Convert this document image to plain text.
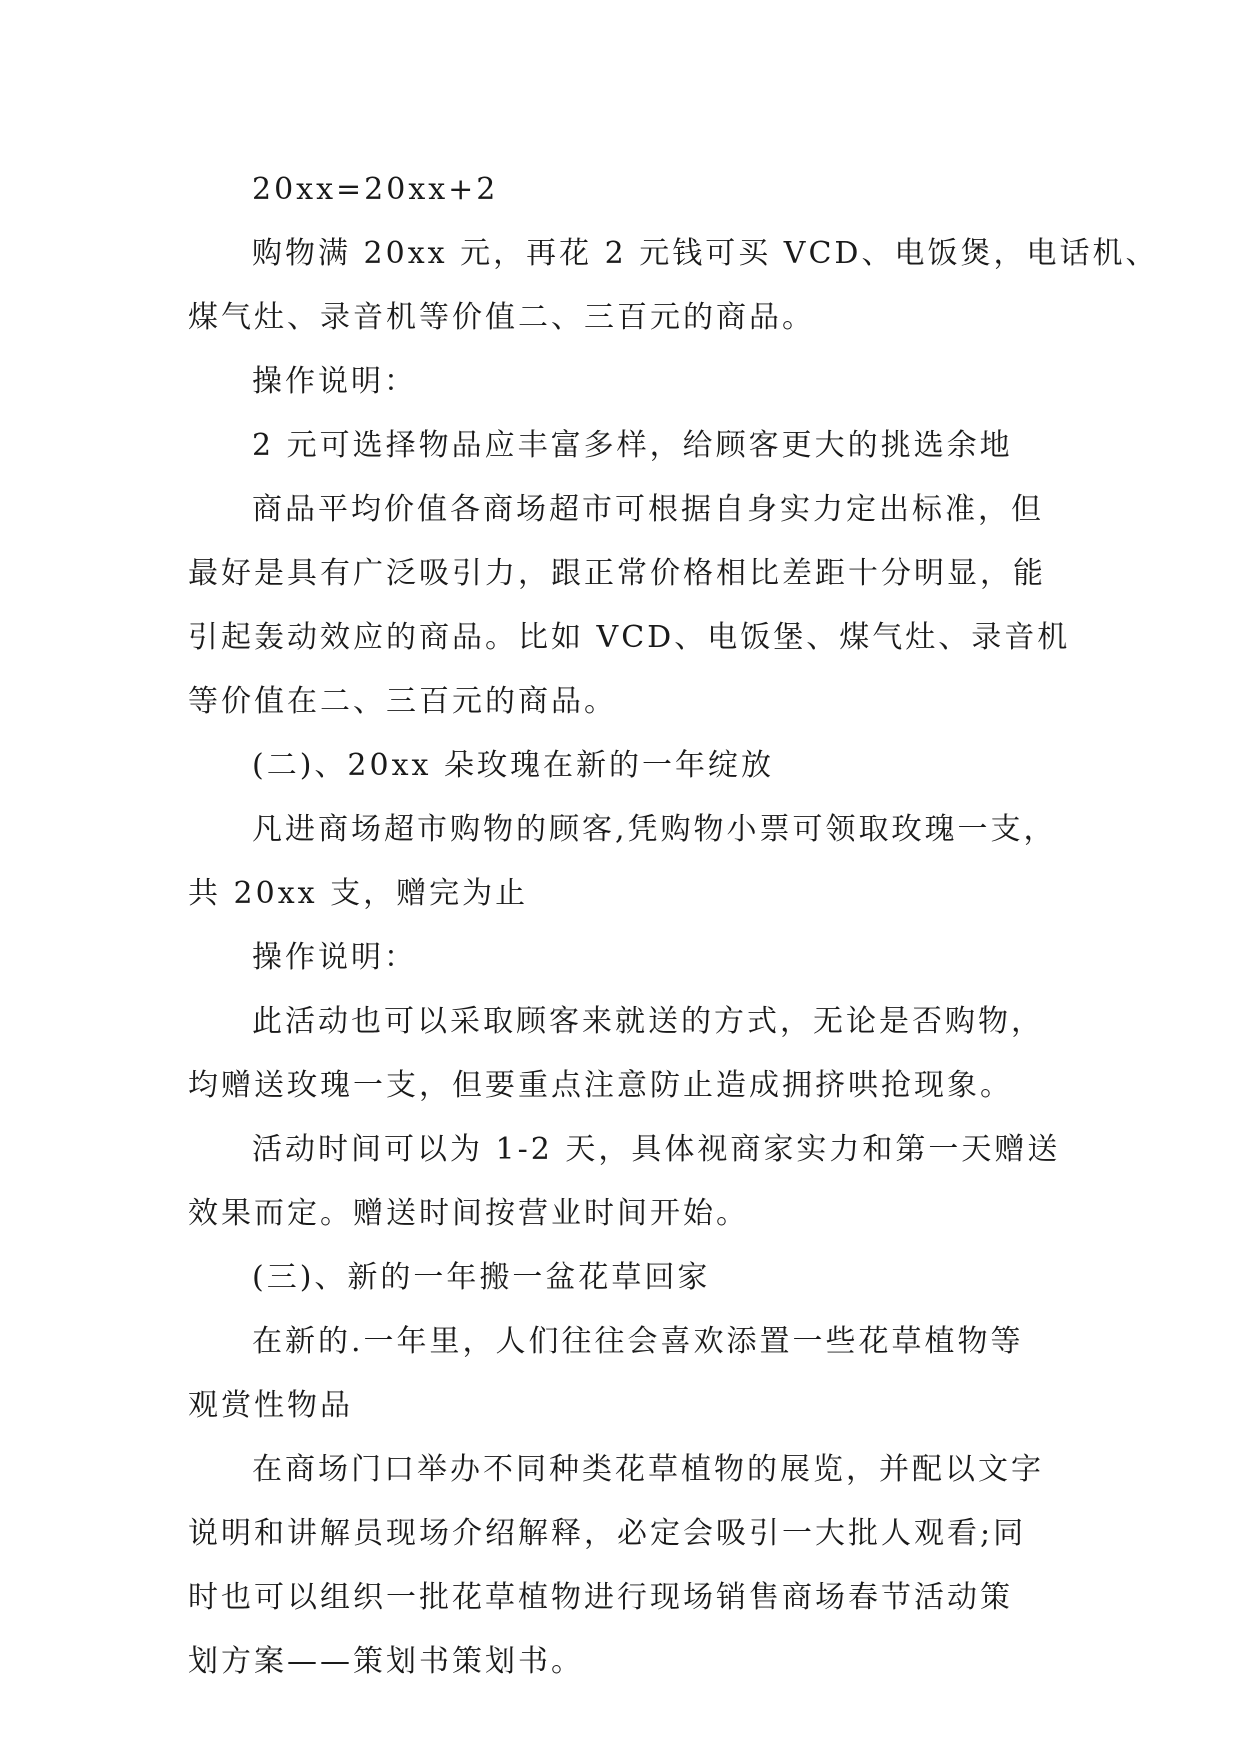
20xx=20xx+2
购物满 20xx 元，再花 2 元钱可买 VCD、电饭煲，电话机、
煤气灶、录音机等价值二、三百元的商品。
操作说明：
2 元可选择物品应丰富多样，给顾客更大的挑选余地
商品平均价值各商场超市可根据自身实力定出标准，但
最好是具有广泛吸引力，跟正常价格相比差距十分明显，能
引起轰动效应的商品。比如 VCD、电饭堡、煤气灶、录音机
等价值在二、三百元的商品。
(二)、20xx 朵玫瑰在新的一年绽放
凡进商场超市购物的顾客,凭购物小票可领取玫瑰一支，
共 20xx 支，赠完为止
操作说明：
此活动也可以采取顾客来就送的方式，无论是否购物，
均赠送玫瑰一支，但要重点注意防止造成拥挤哄抢现象。
活动时间可以为 1-2 天，具体视商家实力和第一天赠送
效果而定。赠送时间按营业时间开始。
(三)、新的一年搬一盆花草回家
在新的.一年里，人们往往会喜欢添置一些花草植物等
观赏性物品
在商场门口举办不同种类花草植物的展览，并配以文字
说明和讲解员现场介绍解释，必定会吸引一大批人观看;同
时也可以组织一批花草植物进行现场销售商场春节活动策
划方案——策划书策划书。
